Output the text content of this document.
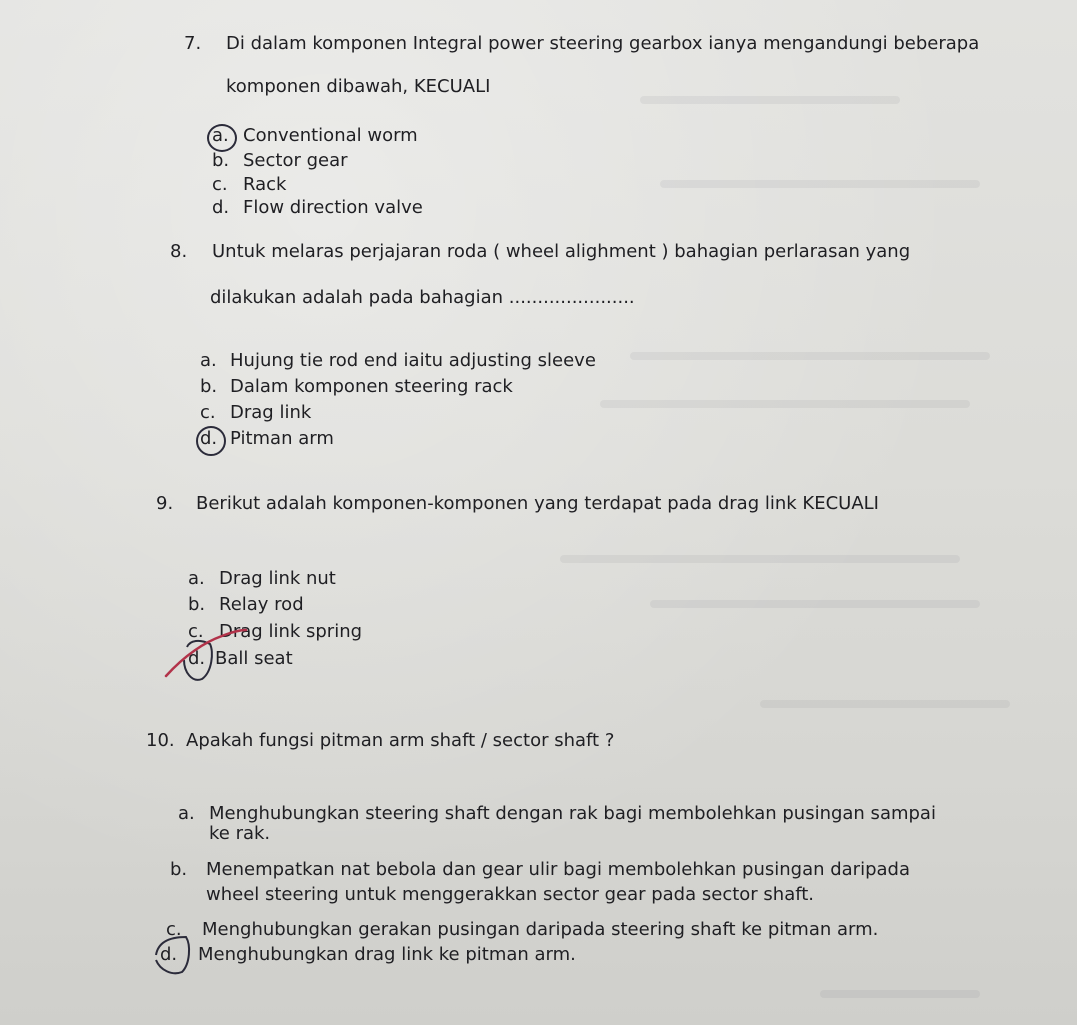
7. Di dalam komponen Integral power steering gearbox ianya mengandungi beberapa
komponen dibawah, KECUALI
a. Conventional worm
b. Sector gear
c. Rack
d. Flow direction valve
8. Untuk melaras perjajaran roda ( wheel alighment ) bahagian perlarasan yang
dilakukan adalah pada bahagian ......................
a. Hujung tie rod end iaitu adjusting sleeve
b. Dalam komponen steering rack
c. Drag link
d. Pitman arm
9. Berikut adalah komponen-komponen yang terdapat pada drag link KECUALI
a. Drag link nut
b. Relay rod
c. Drag link spring
d. Ball seat
10. Apakah fungsi pitman arm shaft / sector shaft ?
a. Menghubungkan steering shaft dengan rak bagi membolehkan pusingan sampai
ke rak.
b. Menempatkan nat bebola dan gear ulir bagi membolehkan pusingan daripada
wheel steering untuk menggerakkan sector gear pada sector shaft.
c. Menghubungkan gerakan pusingan daripada steering shaft ke pitman arm.
d. Menghubungkan drag link ke pitman arm.
